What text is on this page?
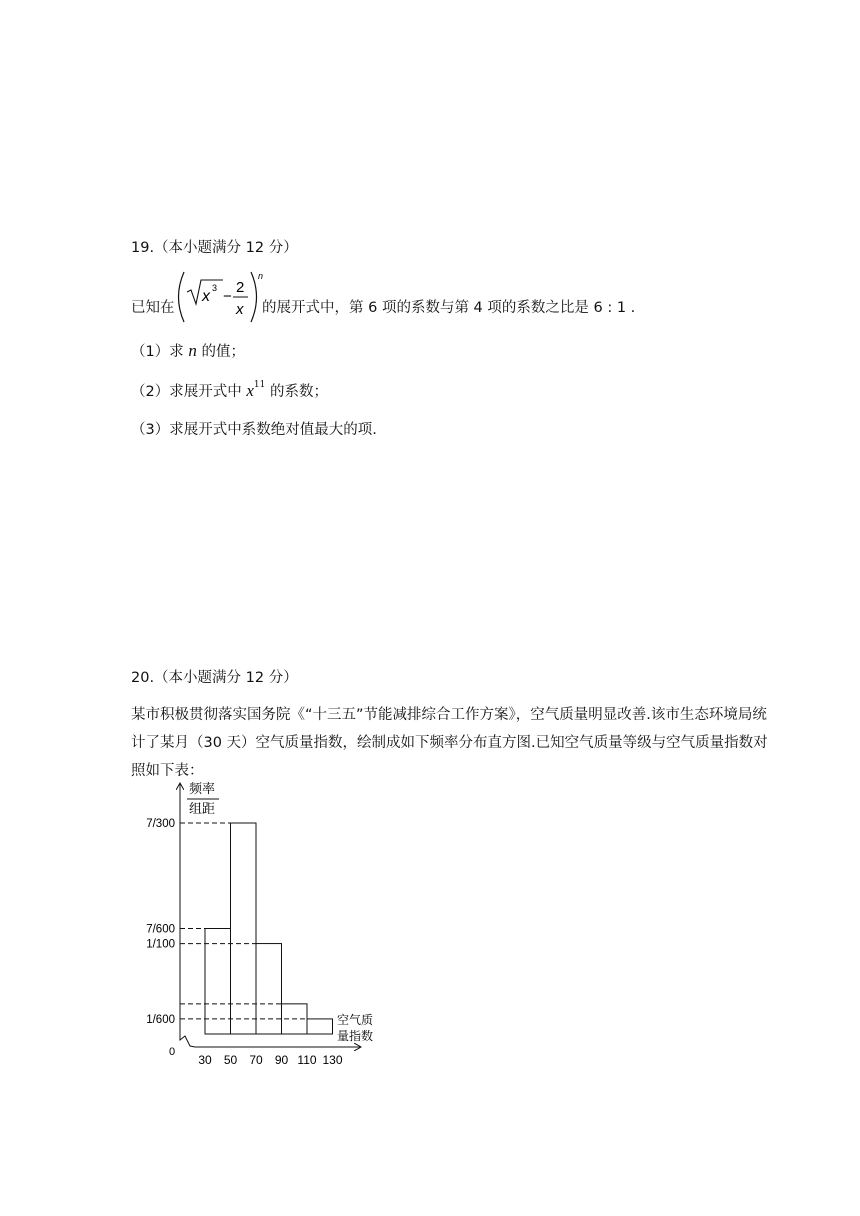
19.（本小题满分 12 分）
已知在
x 3 −
2
x
n
的展开式中，第 6 项的系数与第 4 项的系数之比是 6 : 1 .
（1）求 n 的值；
（2）求展开式中 $x^{11}$ 的系数；
（3）求展开式中系数绝对值最大的项.
20.（本小题满分 12 分）
某市积极贯彻落实国务院《“十三五”节能减排综合工作方案》，空气质量明显改善.该市生态环境局统计了某月（30 天）空气质量指数，绘制成如下频率分布直方图.已知空气质量等级与空气质量指数对照如下表：
频率
组距
空气质
量指数
0
7/300
7/600
1/100
1/600
30 50 70 90 110 130
